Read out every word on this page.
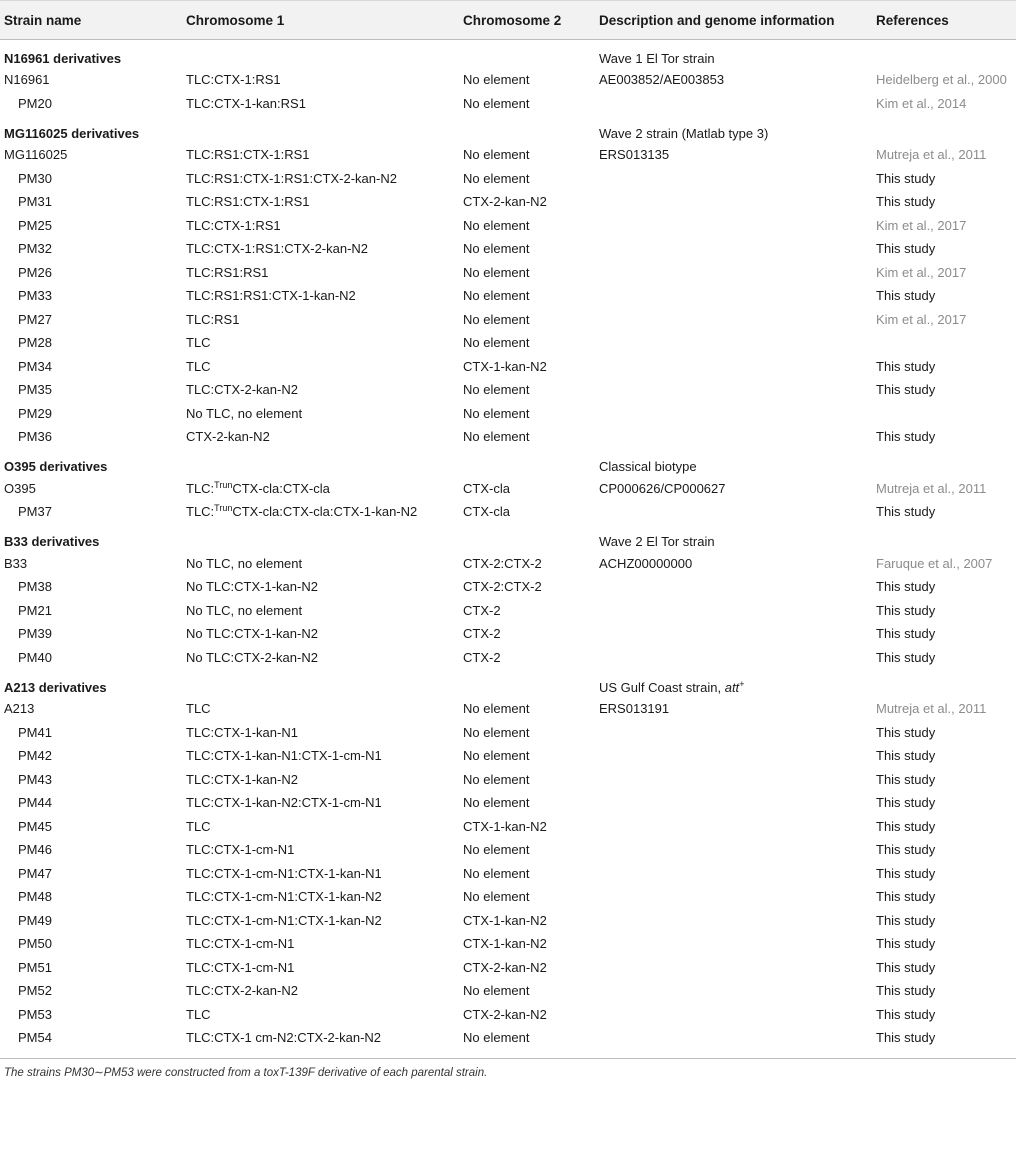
Strain name	Chromosome 1	Chromosome 2	Description and genome information	References
N16961 derivatives			Wave 1 El Tor strain	
N16961	TLC:CTX-1:RS1	No element	AE003852/AE003853	Heidelberg et al., 2000
PM20	TLC:CTX-1-kan:RS1	No element		Kim et al., 2014
MG116025 derivatives			Wave 2 strain (Matlab type 3)	
MG116025	TLC:RS1:CTX-1:RS1	No element	ERS013135	Mutreja et al., 2011
PM30	TLC:RS1:CTX-1:RS1:CTX-2-kan-N2	No element		This study
PM31	TLC:RS1:CTX-1:RS1	CTX-2-kan-N2		This study
PM25	TLC:CTX-1:RS1	No element		Kim et al., 2017
PM32	TLC:CTX-1:RS1:CTX-2-kan-N2	No element		This study
PM26	TLC:RS1:RS1	No element		Kim et al., 2017
PM33	TLC:RS1:RS1:CTX-1-kan-N2	No element		This study
PM27	TLC:RS1	No element		Kim et al., 2017
PM28	TLC	No element		
PM34	TLC	CTX-1-kan-N2		This study
PM35	TLC:CTX-2-kan-N2	No element		This study
PM29	No TLC, no element	No element		
PM36	CTX-2-kan-N2	No element		This study
O395 derivatives			Classical biotype	
O395	TLC:$^{Trun}$CTX-cla:CTX-cla	CTX-cla	CP000626/CP000627	Mutreja et al., 2011
PM37	TLC:$^{Trun}$CTX-cla:CTX-cla:CTX-1-kan-N2	CTX-cla		This study
B33 derivatives			Wave 2 El Tor strain	
B33	No TLC, no element	CTX-2:CTX-2	ACHZ00000000	Faruque et al., 2007
PM38	No TLC:CTX-1-kan-N2	CTX-2:CTX-2		This study
PM21	No TLC, no element	CTX-2		This study
PM39	No TLC:CTX-1-kan-N2	CTX-2		This study
PM40	No TLC:CTX-2-kan-N2	CTX-2		This study
A213 derivatives			US Gulf Coast strain, att+	
A213	TLC	No element	ERS013191	Mutreja et al., 2011
PM41	TLC:CTX-1-kan-N1	No element		This study
PM42	TLC:CTX-1-kan-N1:CTX-1-cm-N1	No element		This study
PM43	TLC:CTX-1-kan-N2	No element		This study
PM44	TLC:CTX-1-kan-N2:CTX-1-cm-N1	No element		This study
PM45	TLC	CTX-1-kan-N2		This study
PM46	TLC:CTX-1-cm-N1	No element		This study
PM47	TLC:CTX-1-cm-N1:CTX-1-kan-N1	No element		This study
PM48	TLC:CTX-1-cm-N1:CTX-1-kan-N2	No element		This study
PM49	TLC:CTX-1-cm-N1:CTX-1-kan-N2	CTX-1-kan-N2		This study
PM50	TLC:CTX-1-cm-N1	CTX-1-kan-N2		This study
PM51	TLC:CTX-1-cm-N1	CTX-2-kan-N2		This study
PM52	TLC:CTX-2-kan-N2	No element		This study
PM53	TLC	CTX-2-kan-N2		This study
PM54	TLC:CTX-1 cm-N2:CTX-2-kan-N2	No element		This study
The strains PM30∼PM53 were constructed from a toxT-139F derivative of each parental strain.
